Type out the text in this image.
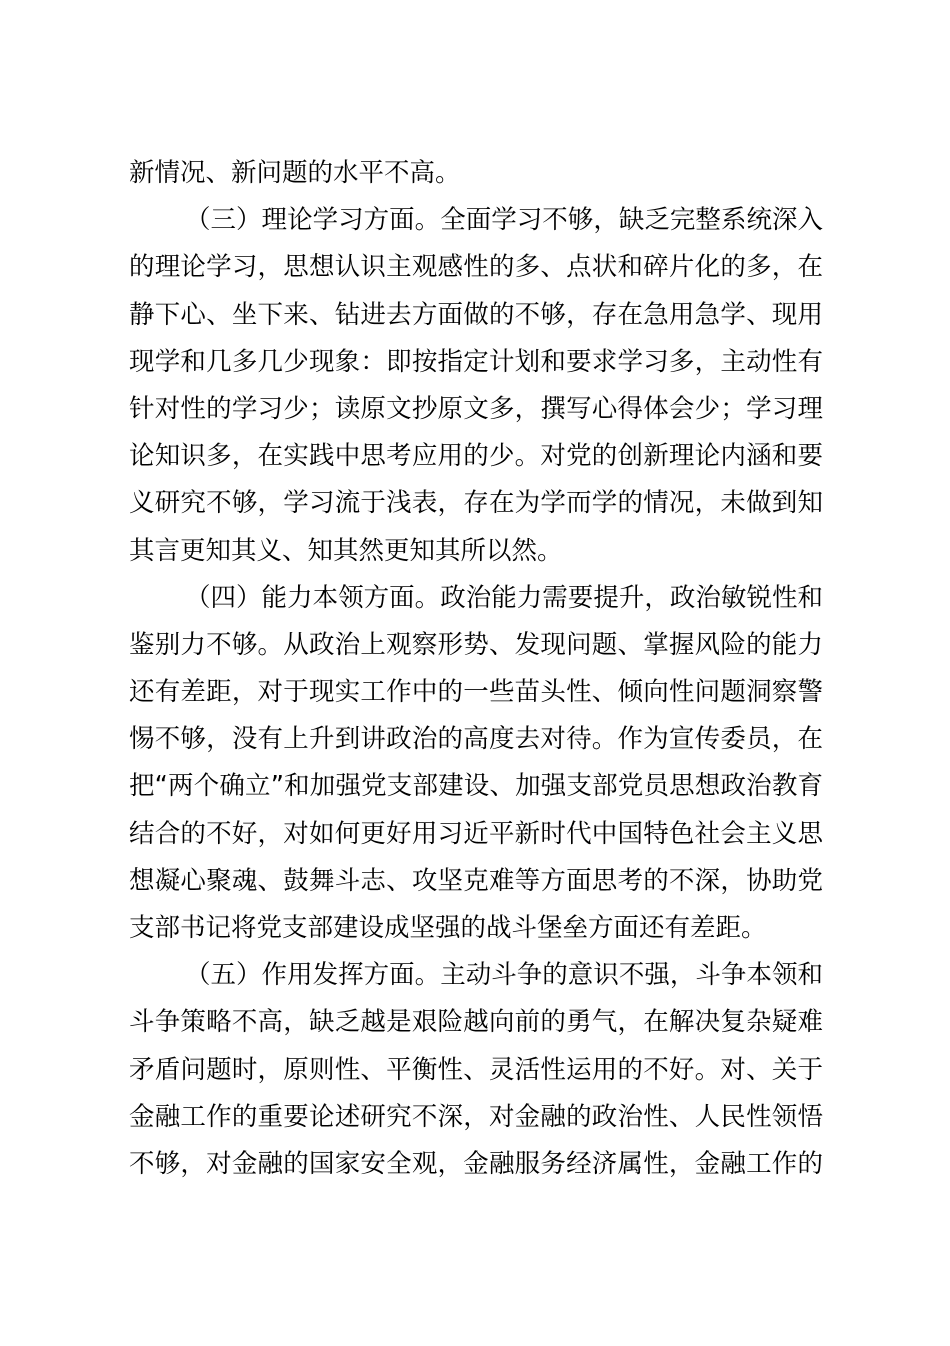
新情况、新问题的水平不高。
（三）理论学习方面。全面学习不够，缺乏完整系统深入
的理论学习，思想认识主观感性的多、点状和碎片化的多，在
静下心、坐下来、钻进去方面做的不够，存在急用急学、现用
现学和几多几少现象：即按指定计划和要求学习多，主动性有
针对性的学习少；读原文抄原文多，撰写心得体会少；学习理
论知识多，在实践中思考应用的少。对党的创新理论内涵和要
义研究不够，学习流于浅表，存在为学而学的情况，未做到知
其言更知其义、知其然更知其所以然。
（四）能力本领方面。政治能力需要提升，政治敏锐性和
鉴别力不够。从政治上观察形势、发现问题、掌握风险的能力
还有差距，对于现实工作中的一些苗头性、倾向性问题洞察警
惕不够，没有上升到讲政治的高度去对待。作为宣传委员，在
把“两个确立”和加强党支部建设、加强支部党员思想政治教育
结合的不好，对如何更好用习近平新时代中国特色社会主义思
想凝心聚魂、鼓舞斗志、攻坚克难等方面思考的不深，协助党
支部书记将党支部建设成坚强的战斗堡垒方面还有差距。
（五）作用发挥方面。主动斗争的意识不强，斗争本领和
斗争策略不高，缺乏越是艰险越向前的勇气，在解决复杂疑难
矛盾问题时，原则性、平衡性、灵活性运用的不好。对、关于
金融工作的重要论述研究不深，对金融的政治性、人民性领悟
不够，对金融的国家安全观，金融服务经济属性，金融工作的
